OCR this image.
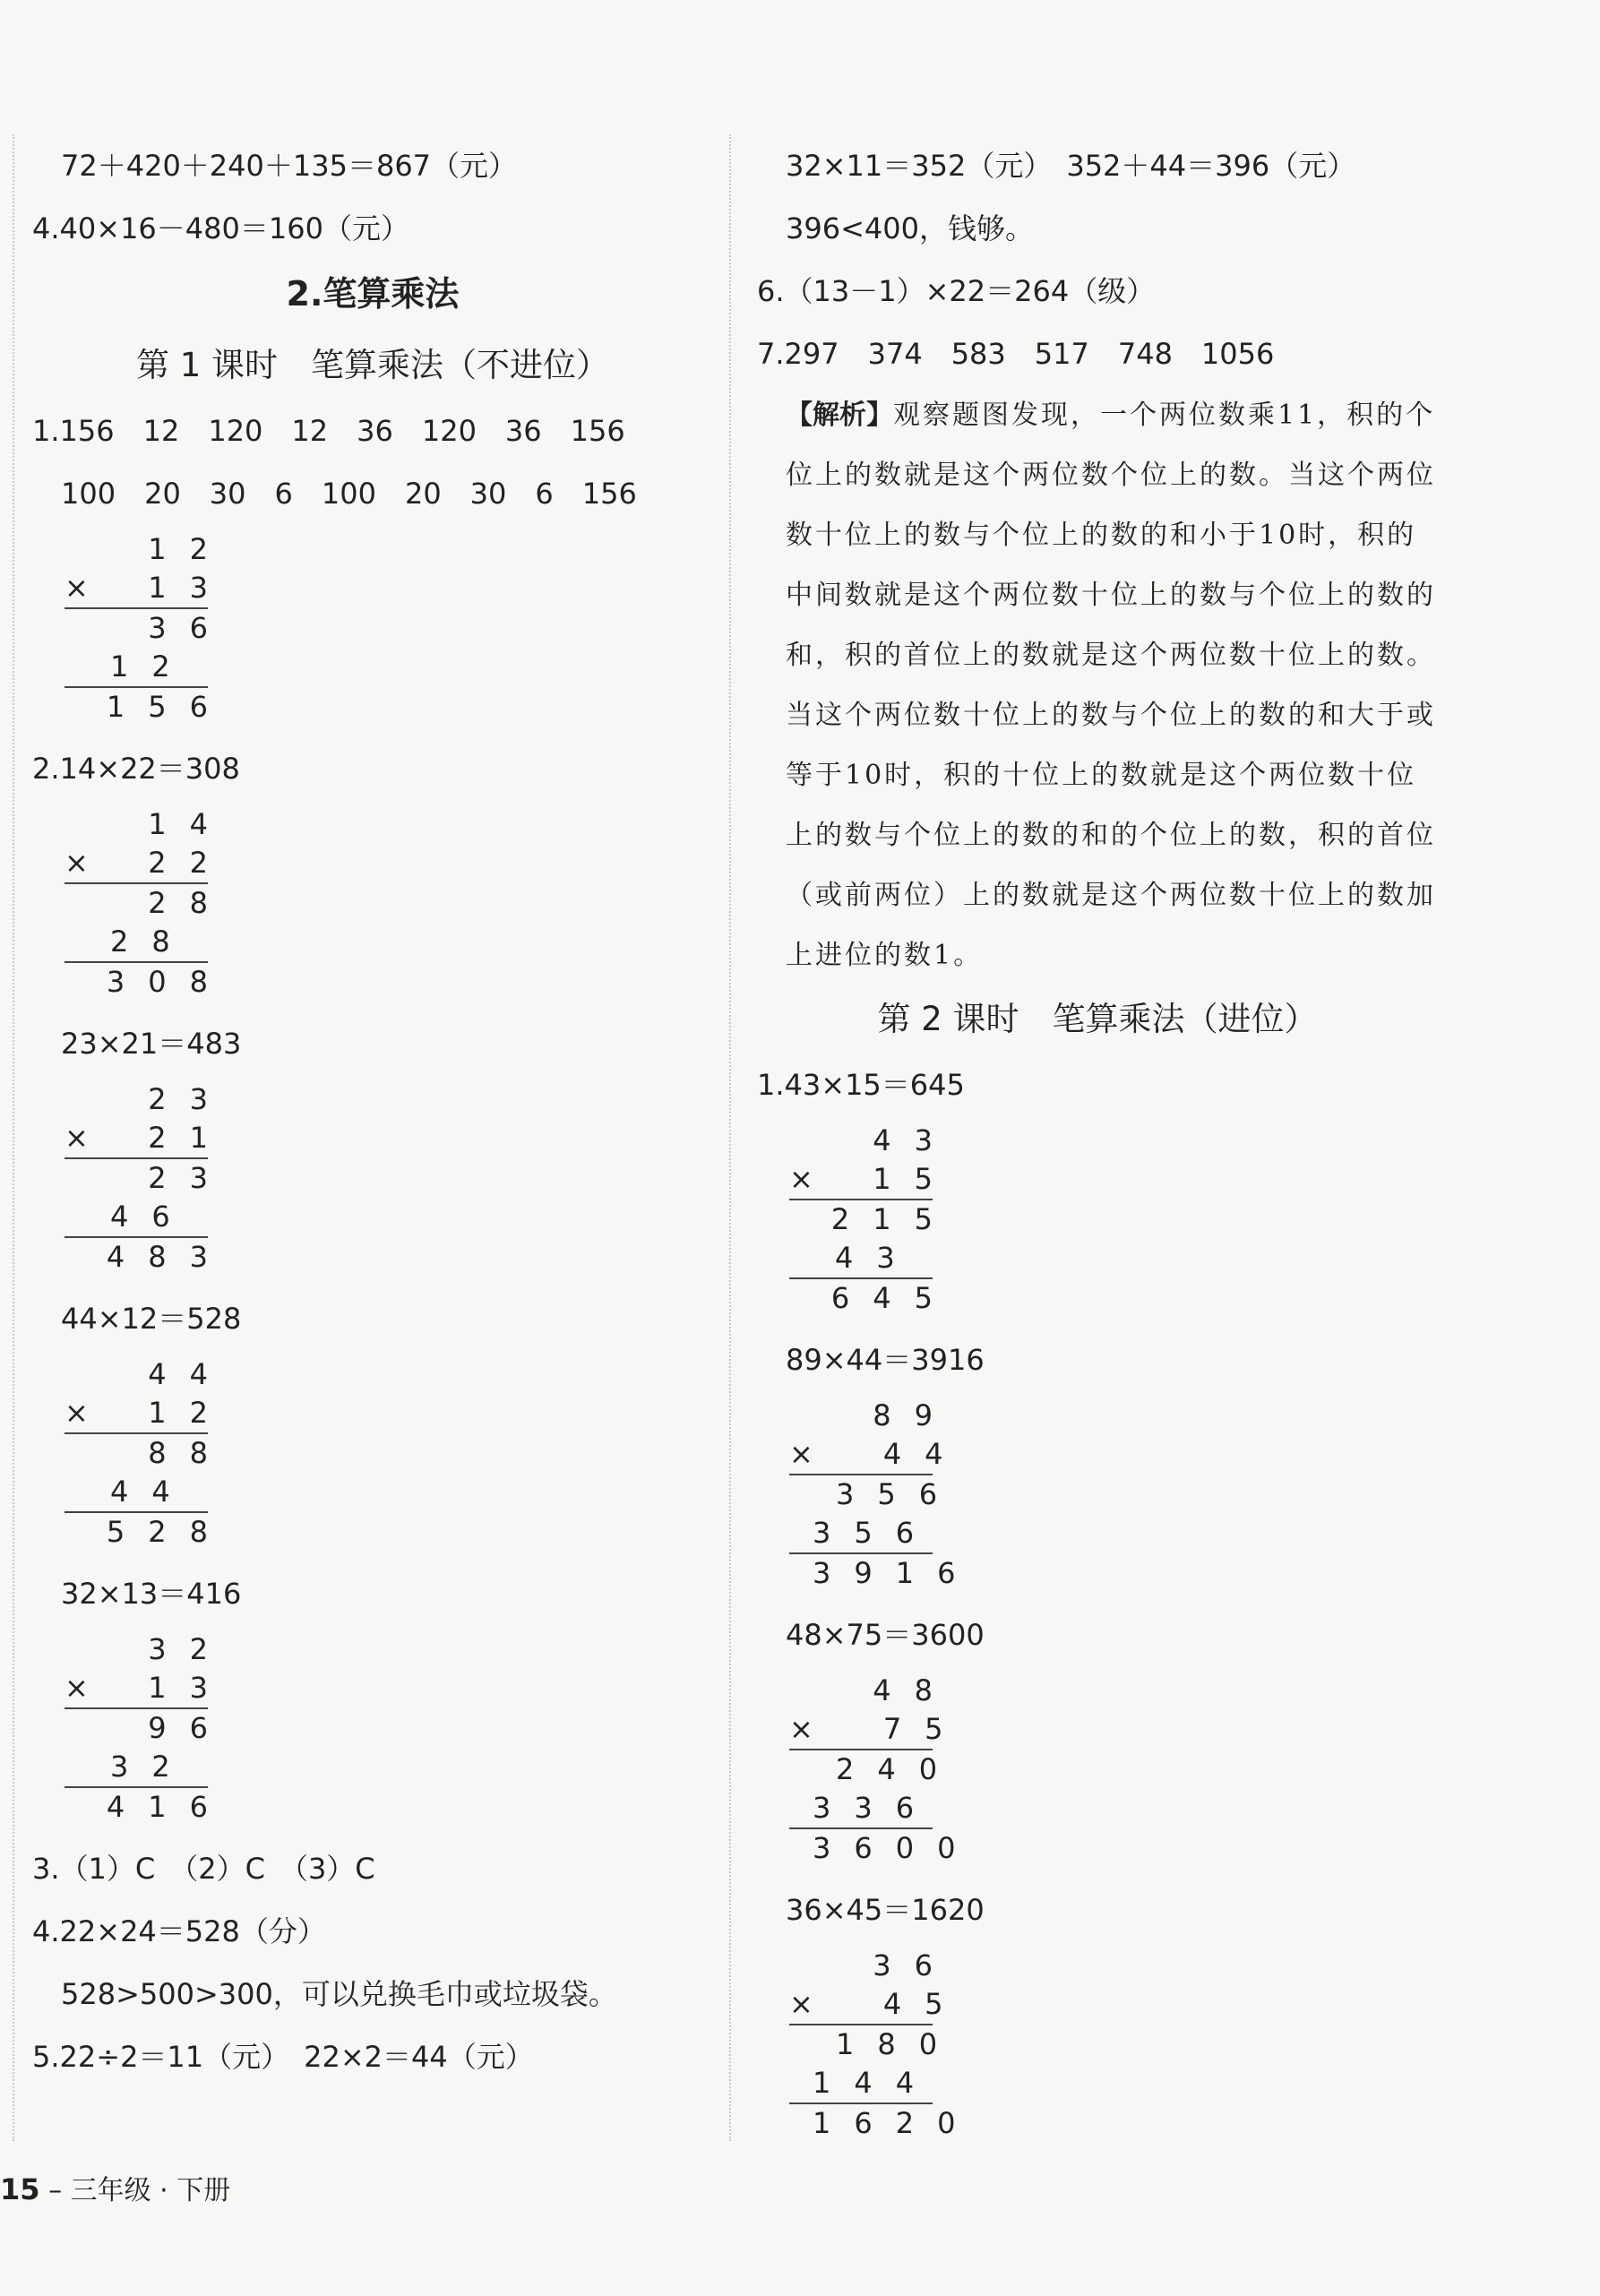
72＋420＋240＋135＝867（元）
4.40×16－480＝160（元）
2.笔算乘法
第 1 课时　笔算乘法（不进位）
1.156　12　120　12　36　120　36　156
100　20　30　6　100　20　30　6　156
1 2
× 1 3
3 6
1 2
1 5 6
2.14×22＝308
1 4
× 2 2
2 8
2 8
3 0 8
23×21＝483
2 3
× 2 1
2 3
4 6
4 8 3
44×12＝528
4 4
× 1 2
8 8
4 4
5 2 8
32×13＝416
3 2
× 1 3
9 6
3 2
4 1 6
3.（1）C　（2）C　（3）C
4.22×24＝528（分）
528>500>300，可以兑换毛巾或垃圾袋。
5.22÷2＝11（元）　22×2＝44（元）
32×11＝352（元）　352＋44＝396（元）
396<400，钱够。
6.（13－1）×22＝264（级）
7.297　374　583　517　748　1056
【解析】观察题图发现，一个两位数乘11，积的个位上的数就是这个两位数个位上的数。当这个两位数十位上的数与个位上的数的和小于10时，积的中间数就是这个两位数十位上的数与个位上的数的和，积的首位上的数就是这个两位数十位上的数。当这个两位数十位上的数与个位上的数的和大于或等于10时，积的十位上的数就是这个两位数十位上的数与个位上的数的和的个位上的数，积的首位（或前两位）上的数就是这个两位数十位上的数加上进位的数1。
第 2 课时　笔算乘法（进位）
1.43×15＝645
4 3
× 1 5
2 1 5
4 3
6 4 5
89×44＝3916
8 9
× 4 4
3 5 6
3 5 6
3 9 1 6
48×75＝3600
4 8
× 7 5
2 4 0
3 3 6
3 6 0 0
36×45＝1620
3 6
× 4 5
1 8 0
1 4 4
1 6 2 0
15 – 三年级 · 下册
